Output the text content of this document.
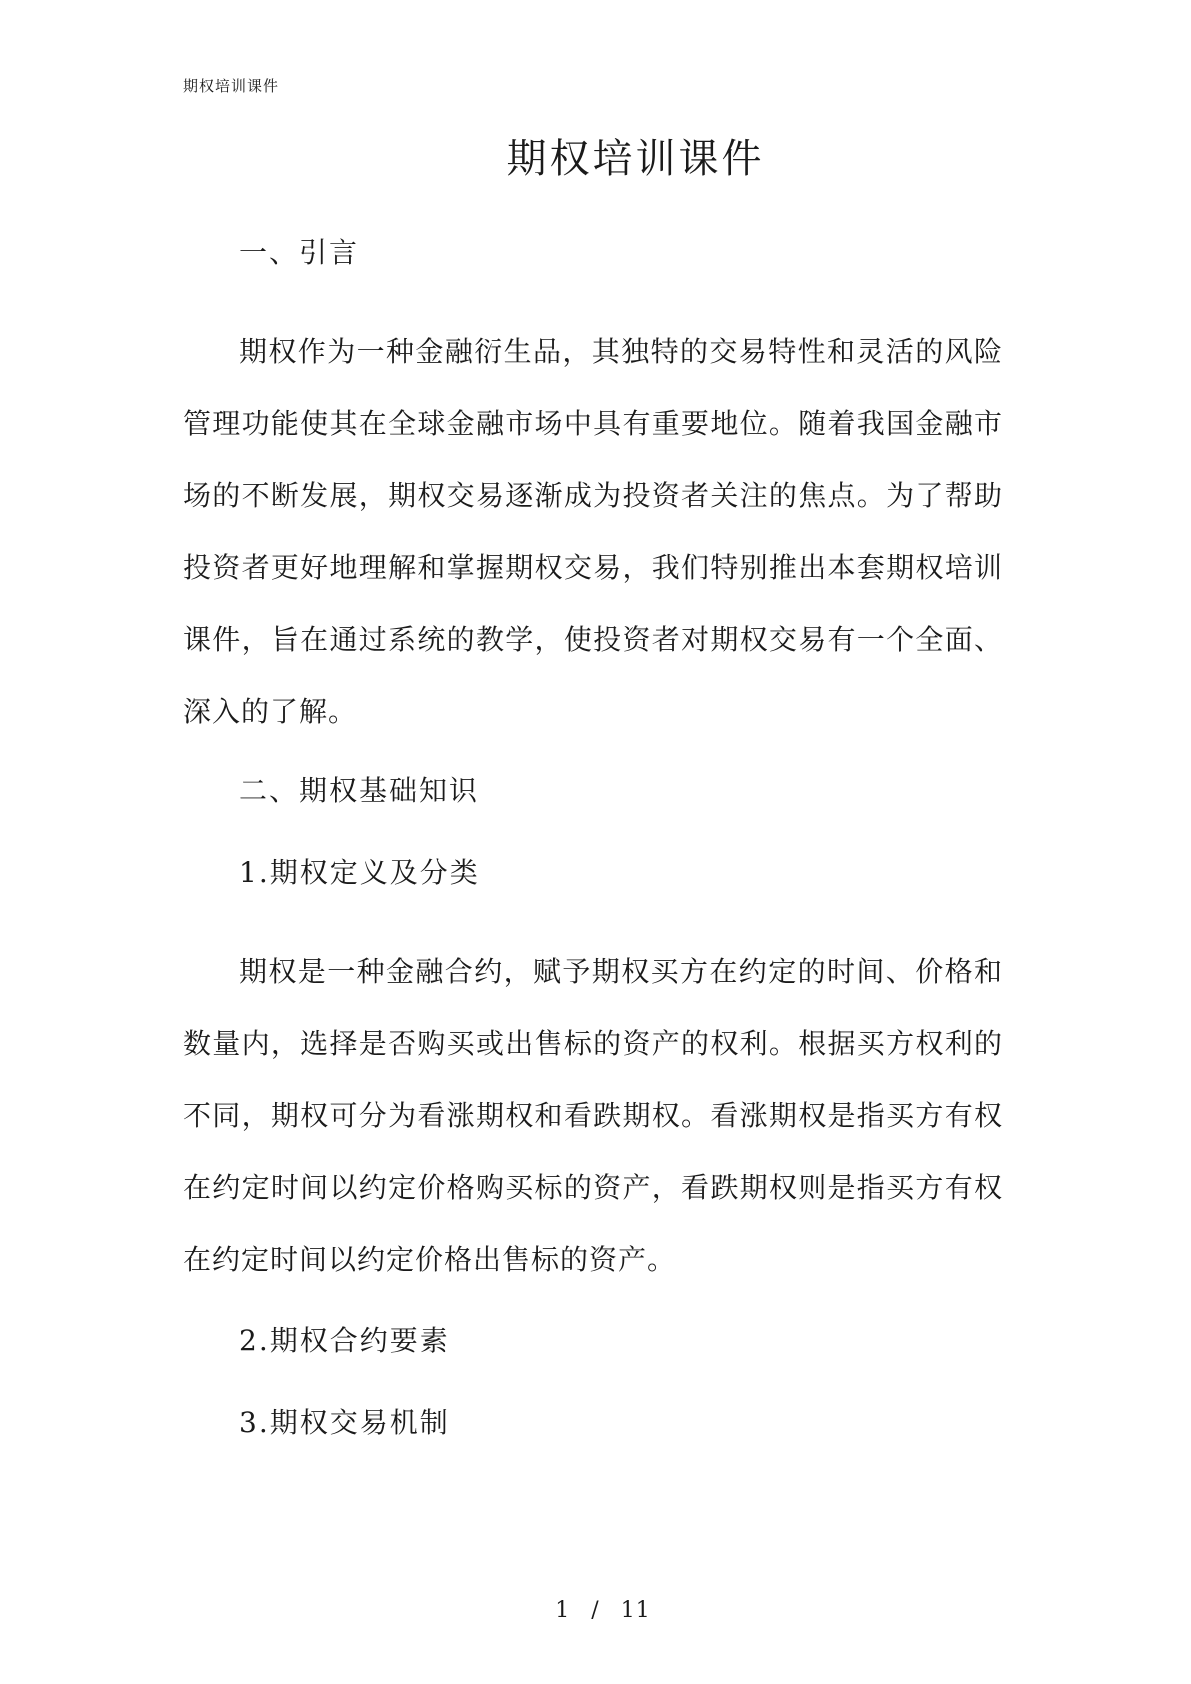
期权培训课件
期权培训课件
一、引言

期权作为一种金融衍生品，其独特的交易特性和灵活的风险管理功能使其在全球金融市场中具有重要地位。随着我国金融市场的不断发展，期权交易逐渐成为投资者关注的焦点。为了帮助投资者更好地理解和掌握期权交易，我们特别推出本套期权培训课件，旨在通过系统的教学，使投资者对期权交易有一个全面、深入的了解。

二、期权基础知识
1.期权定义及分类

期权是一种金融合约，赋予期权买方在约定的时间、价格和数量内，选择是否购买或出售标的资产的权利。根据买方权利的不同，期权可分为看涨期权和看跌期权。看涨期权是指买方有权在约定时间以约定价格购买标的资产，看跌期权则是指买方有权在约定时间以约定价格出售标的资产。

2.期权合约要素
3.期权交易机制
1 / 11
